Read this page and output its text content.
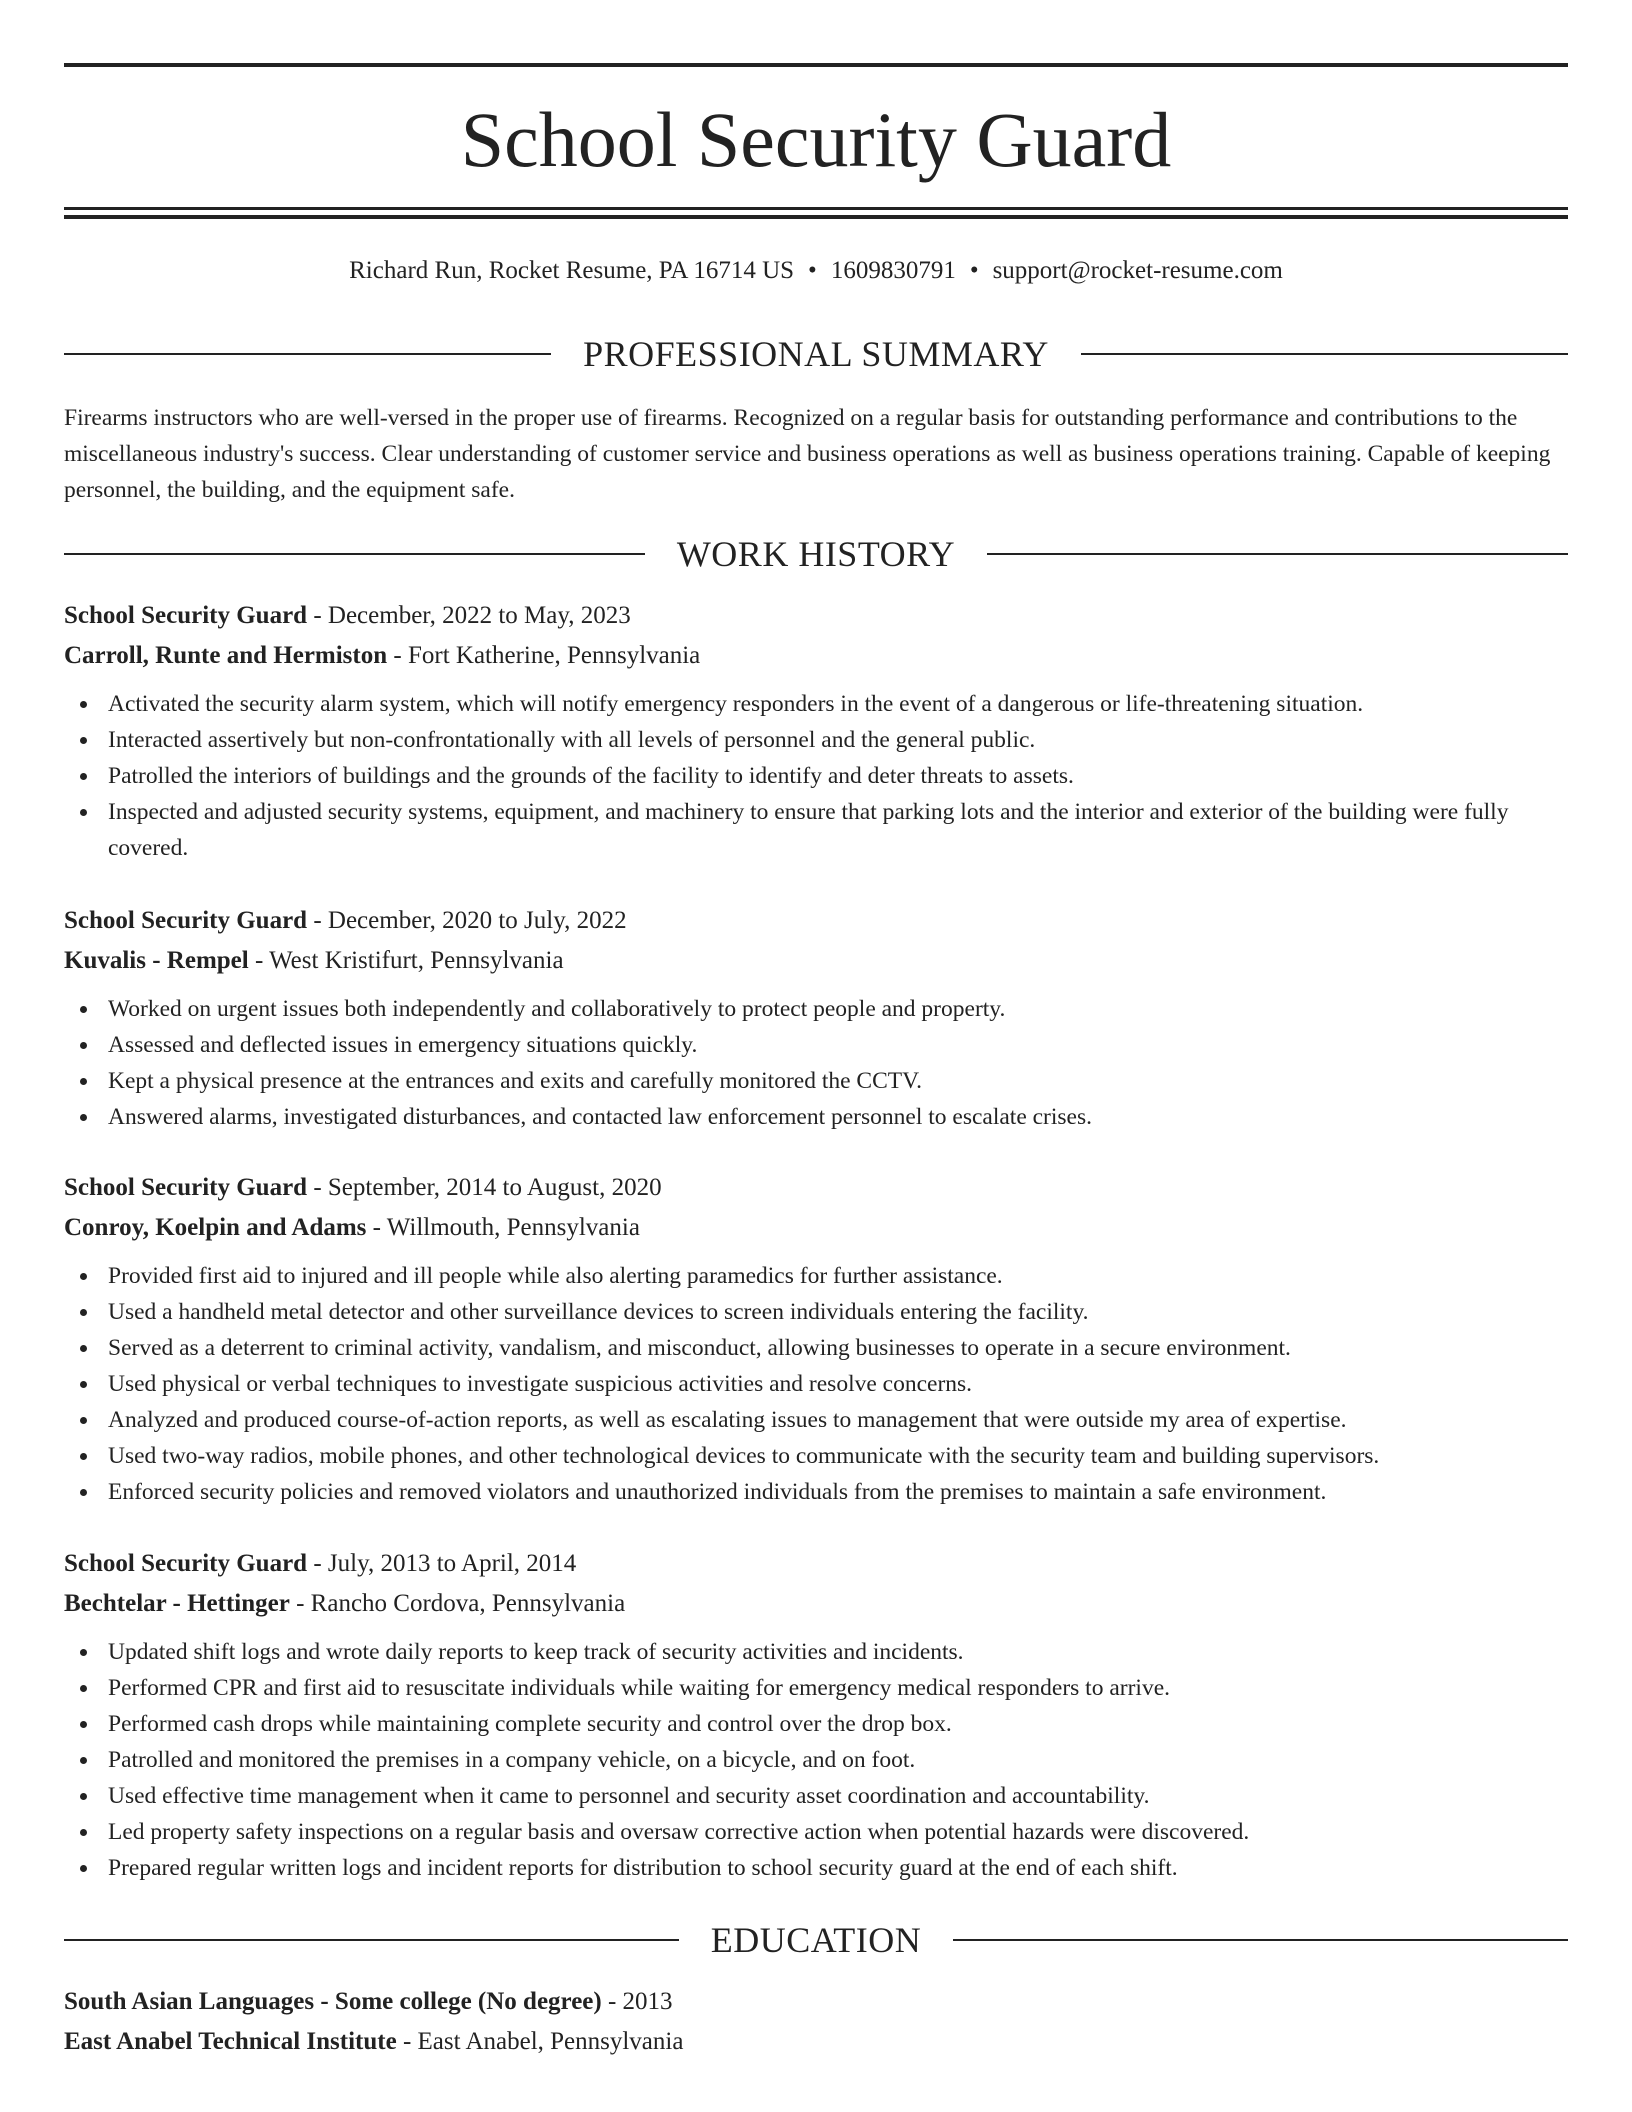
School Security Guard
Richard Run, Rocket Resume, PA 16714 US • 1609830791 • support@rocket-resume.com
PROFESSIONAL SUMMARY

Firearms instructors who are well-versed in the proper use of firearms. Recognized on a regular basis for outstanding performance and contributions to the miscellaneous industry's success. Clear understanding of customer service and business operations as well as business operations training. Capable of keeping personnel, the building, and the equipment safe.

WORK HISTORY
School Security Guard - December, 2022 to May, 2023
Carroll, Runte and Hermiston - Fort Katherine, Pennsylvania
Activated the security alarm system, which will notify emergency responders in the event of a dangerous or life-threatening situation.
Interacted assertively but non-confrontationally with all levels of personnel and the general public.
Patrolled the interiors of buildings and the grounds of the facility to identify and deter threats to assets.
Inspected and adjusted security systems, equipment, and machinery to ensure that parking lots and the interior and exterior of the building were fully covered.
School Security Guard - December, 2020 to July, 2022
Kuvalis - Rempel - West Kristifurt, Pennsylvania
Worked on urgent issues both independently and collaboratively to protect people and property.
Assessed and deflected issues in emergency situations quickly.
Kept a physical presence at the entrances and exits and carefully monitored the CCTV.
Answered alarms, investigated disturbances, and contacted law enforcement personnel to escalate crises.
School Security Guard - September, 2014 to August, 2020
Conroy, Koelpin and Adams - Willmouth, Pennsylvania
Provided first aid to injured and ill people while also alerting paramedics for further assistance.
Used a handheld metal detector and other surveillance devices to screen individuals entering the facility.
Served as a deterrent to criminal activity, vandalism, and misconduct, allowing businesses to operate in a secure environment.
Used physical or verbal techniques to investigate suspicious activities and resolve concerns.
Analyzed and produced course-of-action reports, as well as escalating issues to management that were outside my area of expertise.
Used two-way radios, mobile phones, and other technological devices to communicate with the security team and building supervisors.
Enforced security policies and removed violators and unauthorized individuals from the premises to maintain a safe environment.
School Security Guard - July, 2013 to April, 2014
Bechtelar - Hettinger - Rancho Cordova, Pennsylvania
Updated shift logs and wrote daily reports to keep track of security activities and incidents.
Performed CPR and first aid to resuscitate individuals while waiting for emergency medical responders to arrive.
Performed cash drops while maintaining complete security and control over the drop box.
Patrolled and monitored the premises in a company vehicle, on a bicycle, and on foot.
Used effective time management when it came to personnel and security asset coordination and accountability.
Led property safety inspections on a regular basis and oversaw corrective action when potential hazards were discovered.
Prepared regular written logs and incident reports for distribution to school security guard at the end of each shift.
EDUCATION
South Asian Languages - Some college (No degree) - 2013
East Anabel Technical Institute - East Anabel, Pennsylvania
